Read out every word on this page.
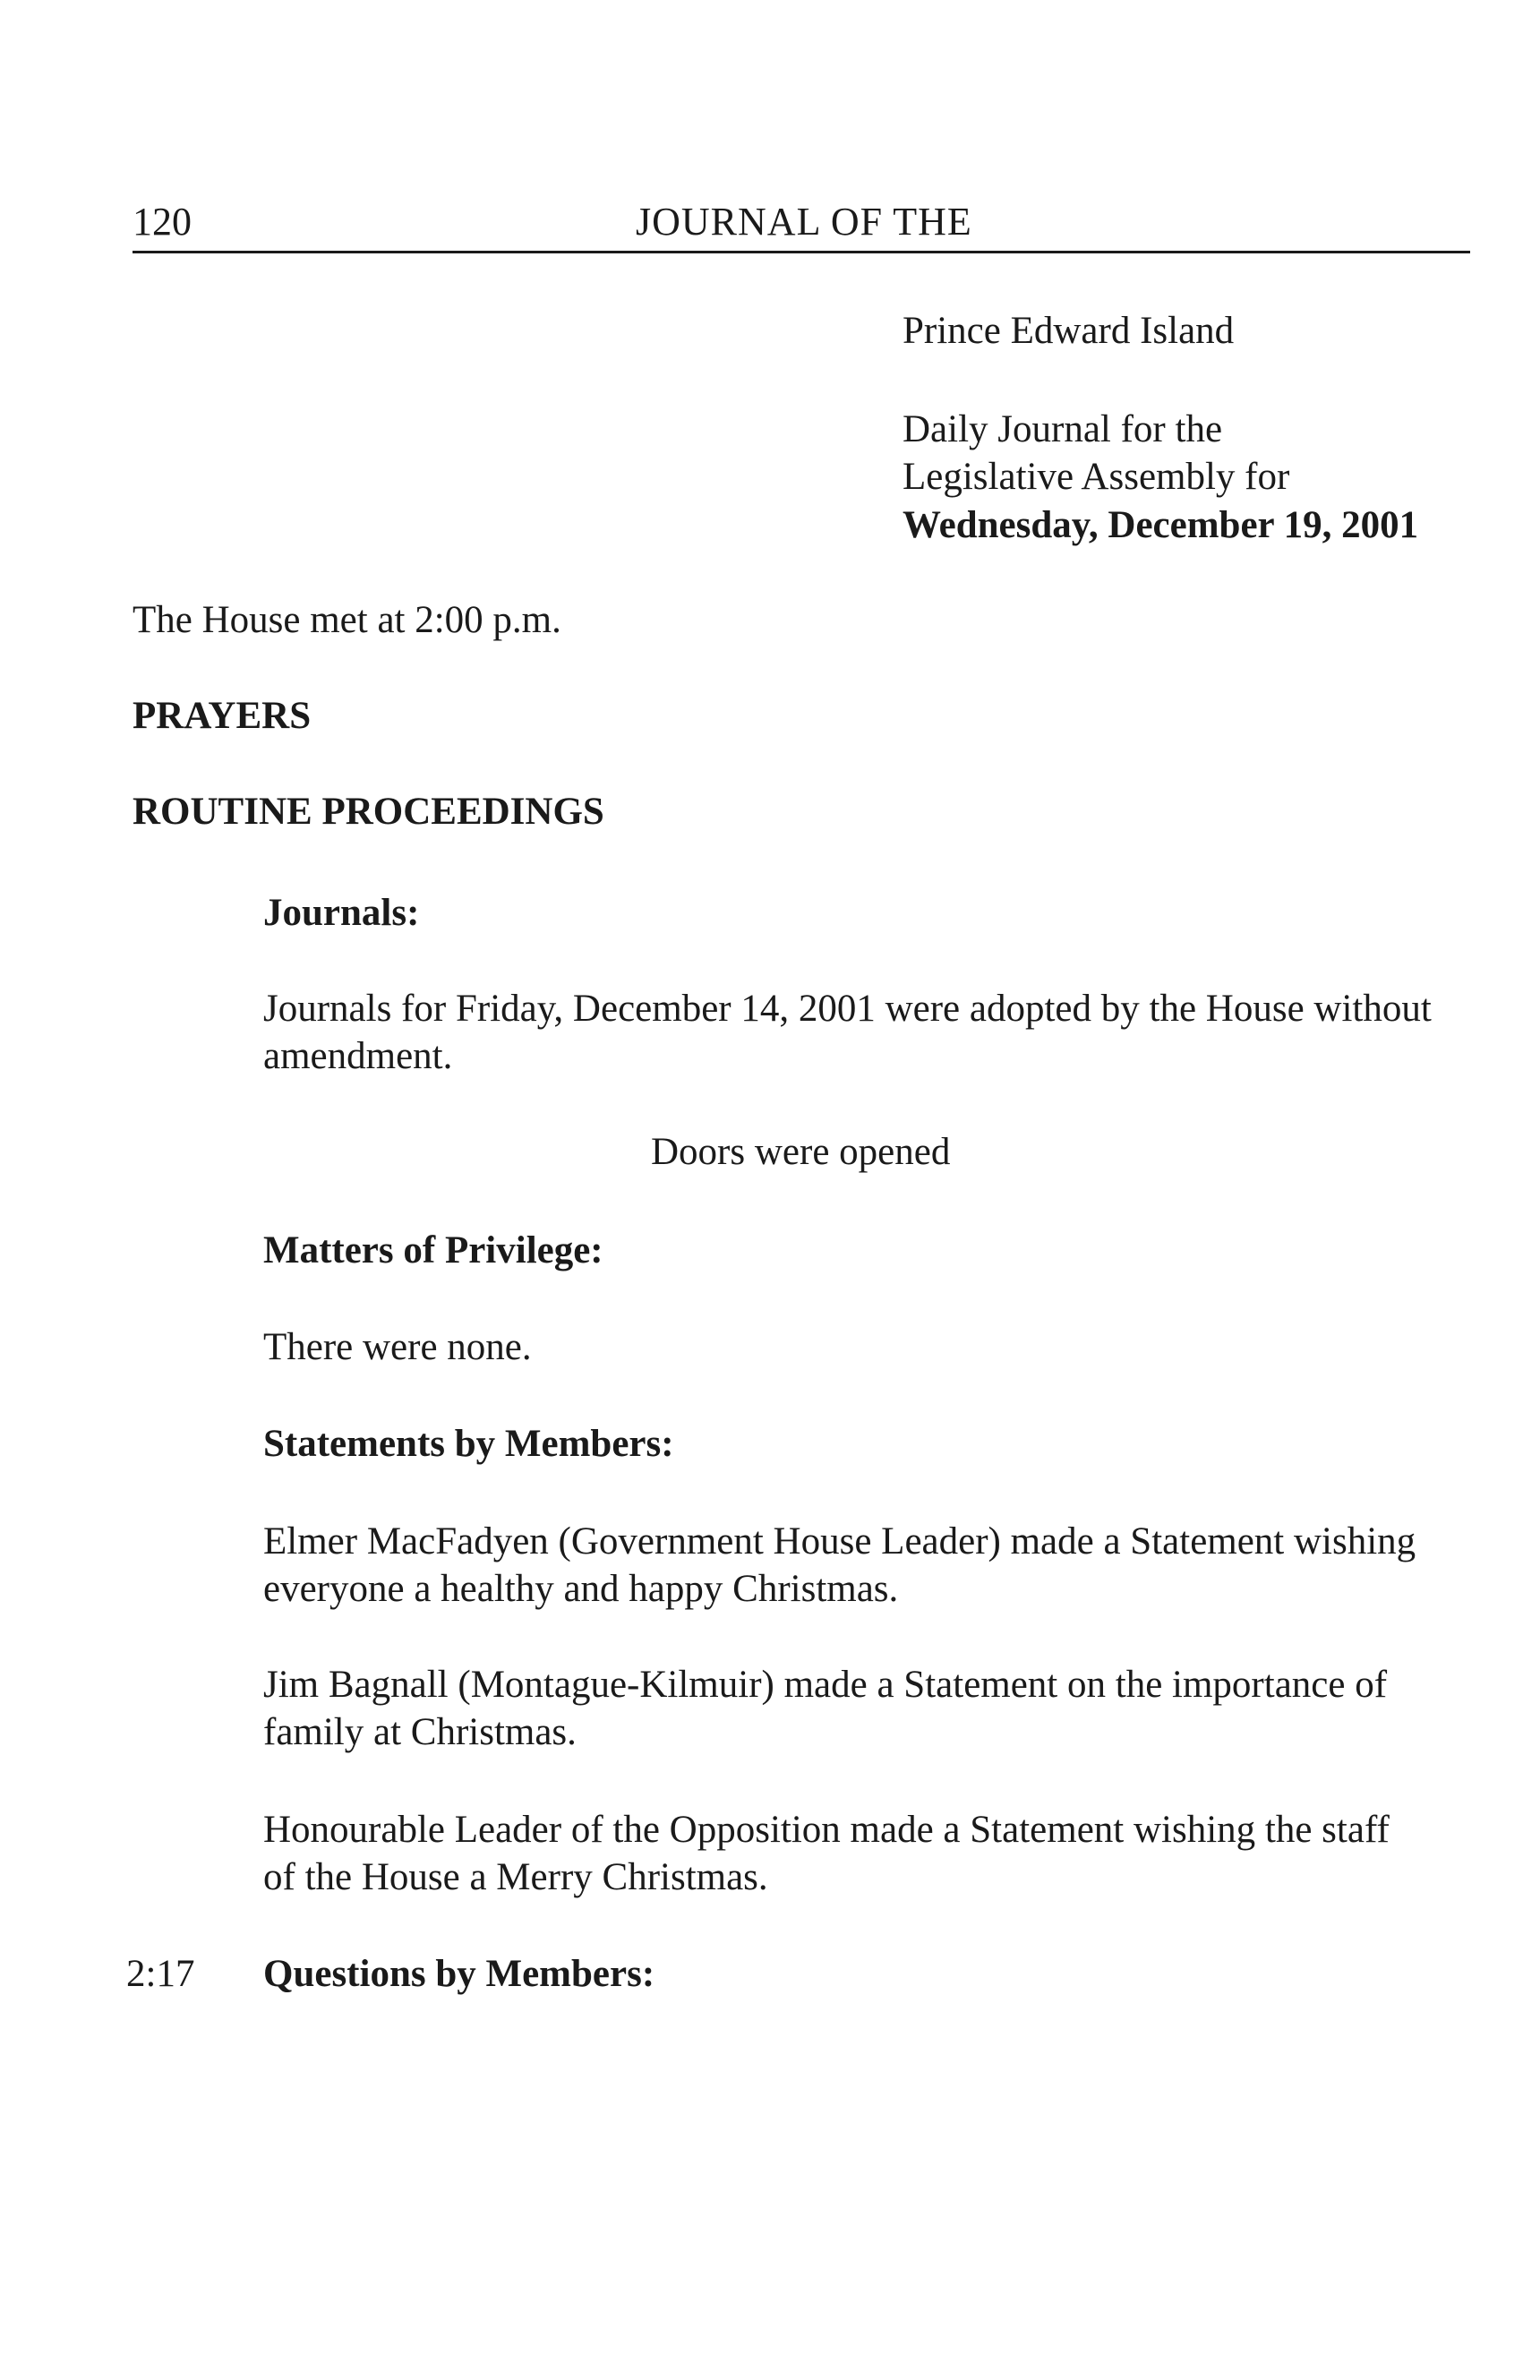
120	JOURNAL OF THE
Prince Edward Island
Daily Journal for the
Legislative Assembly for
Wednesday, December 19, 2001
The House met at 2:00 p.m.
PRAYERS
ROUTINE PROCEEDINGS
Journals:
Journals for Friday, December 14, 2001 were adopted by the House without
amendment.
Doors were opened
Matters of Privilege:
There were none.
Statements by Members:
Elmer MacFadyen (Government House Leader) made a Statement wishing
everyone a healthy and happy Christmas.
Jim Bagnall (Montague-Kilmuir) made a Statement on the importance of
family at Christmas.
Honourable Leader of the Opposition made a Statement wishing the staff
of the House a Merry Christmas.
2:17 Questions by Members:
